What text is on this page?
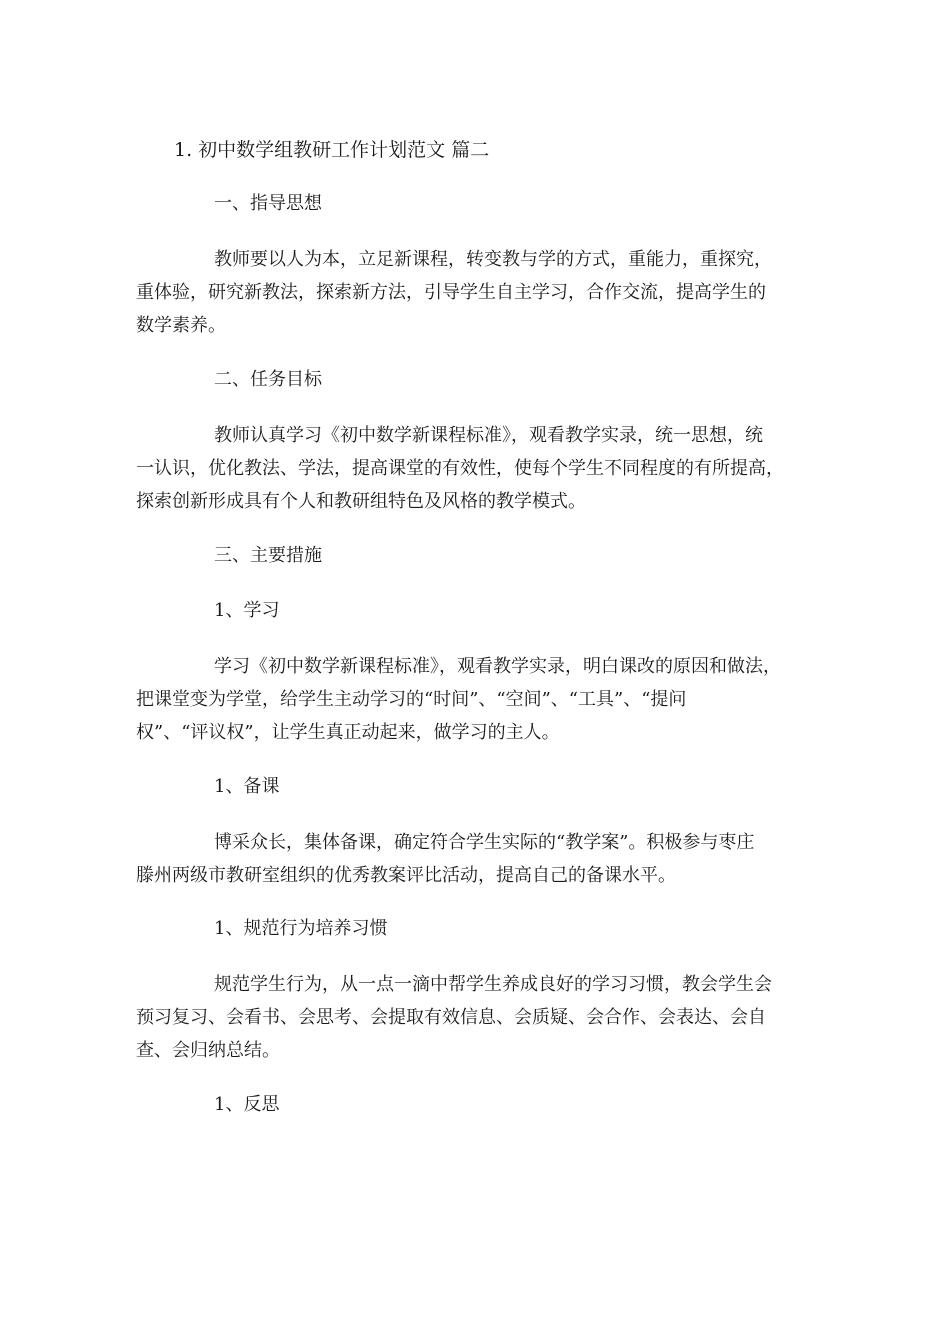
1. 初中数学组教研工作计划范文 篇二
一、指导思想
教师要以人为本，立足新课程，转变教与学的方式，重能力，重探究，
重体验，研究新教法，探索新方法，引导学生自主学习，合作交流，提高学生的
数学素养。
二、任务目标
教师认真学习《初中数学新课程标准》，观看教学实录，统一思想，统
一认识，优化教法、学法，提高课堂的有效性，使每个学生不同程度的有所提高，
探索创新形成具有个人和教研组特色及风格的教学模式。
三、主要措施
1、学习
学习《初中数学新课程标准》，观看教学实录，明白课改的原因和做法，
把课堂变为学堂，给学生主动学习的“时间”、“空间”、“工具”、“提问
权”、“评议权”，让学生真正动起来，做学习的主人。
1、备课
博采众长，集体备课，确定符合学生实际的“教学案”。积极参与枣庄
滕州两级市教研室组织的优秀教案评比活动，提高自己的备课水平。
1、规范行为培养习惯
规范学生行为，从一点一滴中帮学生养成良好的学习习惯，教会学生会
预习复习、会看书、会思考、会提取有效信息、会质疑、会合作、会表达、会自
查、会归纳总结。
1、反思
